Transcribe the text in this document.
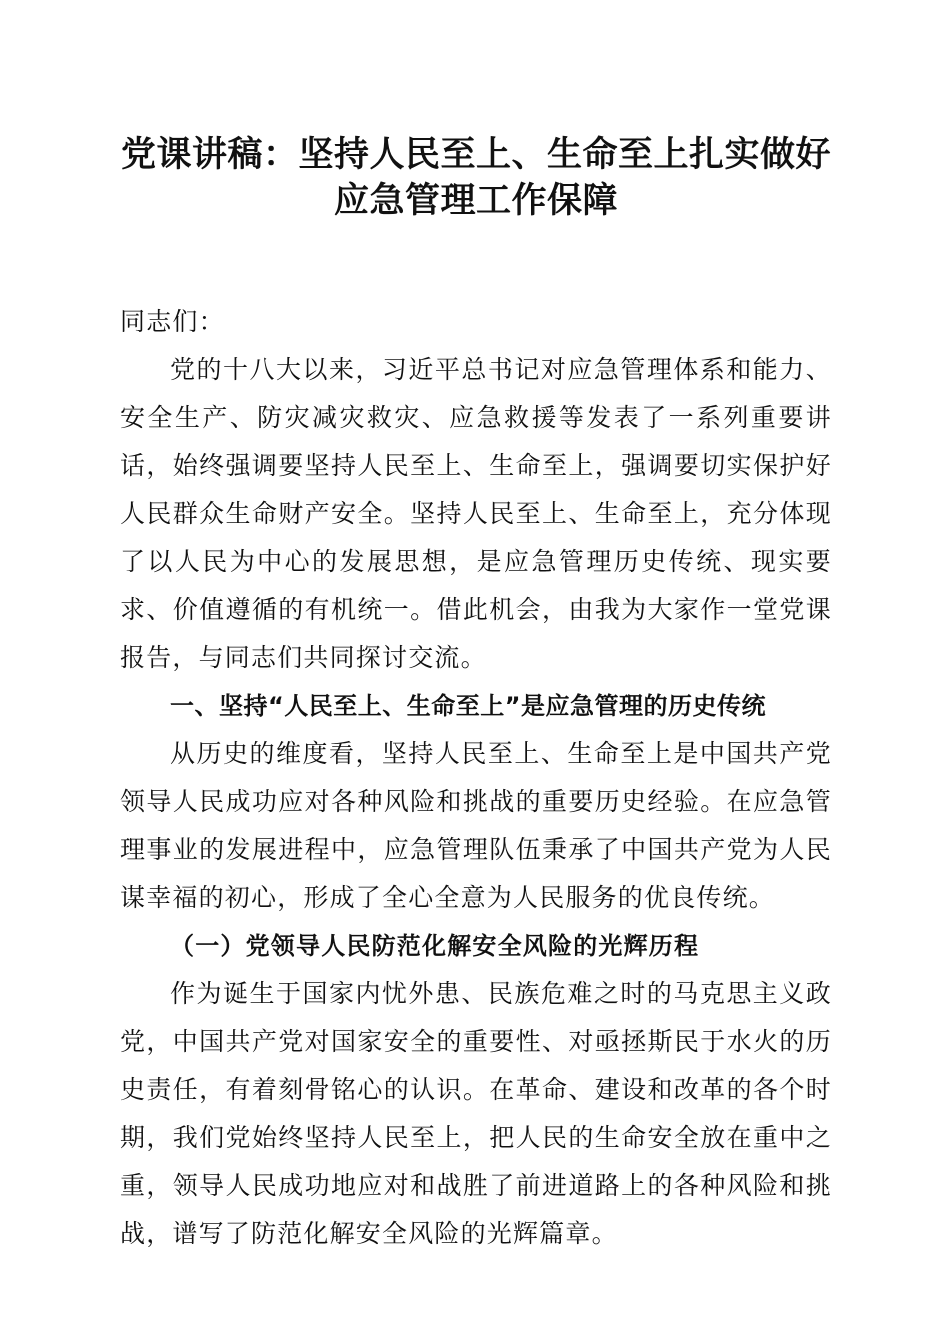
党课讲稿：坚持人民至上、生命至上扎实做好
应急管理工作保障

同志们：

党的十八大以来，习近平总书记对应急管理体系和能力、安全生产、防灾减灾救灾、应急救援等发表了一系列重要讲话，始终强调要坚持人民至上、生命至上，强调要切实保护好人民群众生命财产安全。坚持人民至上、生命至上，充分体现了以人民为中心的发展思想，是应急管理历史传统、现实要求、价值遵循的有机统一。借此机会，由我为大家作一堂党课报告，与同志们共同探讨交流。

一、坚持“人民至上、生命至上”是应急管理的历史传统

从历史的维度看，坚持人民至上、生命至上是中国共产党领导人民成功应对各种风险和挑战的重要历史经验。在应急管理事业的发展进程中，应急管理队伍秉承了中国共产党为人民谋幸福的初心，形成了全心全意为人民服务的优良传统。

（一）党领导人民防范化解安全风险的光辉历程

作为诞生于国家内忧外患、民族危难之时的马克思主义政党，中国共产党对国家安全的重要性、对亟拯斯民于水火的历史责任，有着刻骨铭心的认识。在革命、建设和改革的各个时期，我们党始终坚持人民至上，把人民的生命安全放在重中之重，领导人民成功地应对和战胜了前进道路上的各种风险和挑战，谱写了防范化解安全风险的光辉篇章。
